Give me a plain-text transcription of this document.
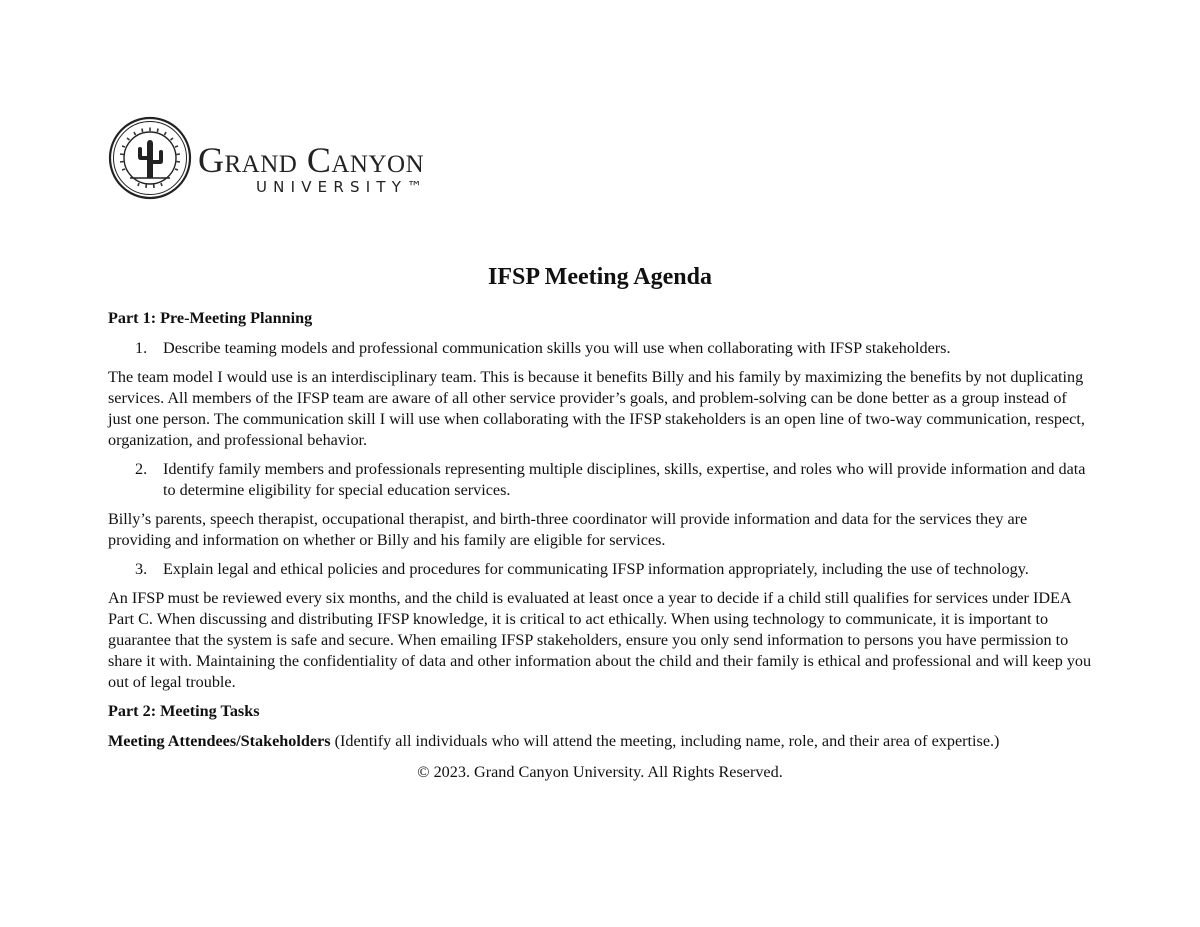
Grand Canyon
UNIVERSITY™
IFSP Meeting Agenda
Part 1: Pre-Meeting Planning
1. Describe teaming models and professional communication skills you will use when collaborating with IFSP stakeholders.
The team model I would use is an interdisciplinary team. This is because it benefits Billy and his family by maximizing the benefits by not duplicating services. All members of the IFSP team are aware of all other service provider’s goals, and problem-solving can be done better as a group instead of just one person. The communication skill I will use when collaborating with the IFSP stakeholders is an open line of two-way communication, respect, organization, and professional behavior.
2. Identify family members and professionals representing multiple disciplines, skills, expertise, and roles who will provide information and data to determine eligibility for special education services.
Billy’s parents, speech therapist, occupational therapist, and birth-three coordinator will provide information and data for the services they are providing and information on whether or Billy and his family are eligible for services.
3. Explain legal and ethical policies and procedures for communicating IFSP information appropriately, including the use of technology.
An IFSP must be reviewed every six months, and the child is evaluated at least once a year to decide if a child still qualifies for services under IDEA Part C. When discussing and distributing IFSP knowledge, it is critical to act ethically. When using technology to communicate, it is important to guarantee that the system is safe and secure. When emailing IFSP stakeholders, ensure you only send information to persons you have permission to share it with. Maintaining the confidentiality of data and other information about the child and their family is ethical and professional and will keep you out of legal trouble.
Part 2: Meeting Tasks
Meeting Attendees/Stakeholders (Identify all individuals who will attend the meeting, including name, role, and their area of expertise.)
© 2023. Grand Canyon University. All Rights Reserved.
